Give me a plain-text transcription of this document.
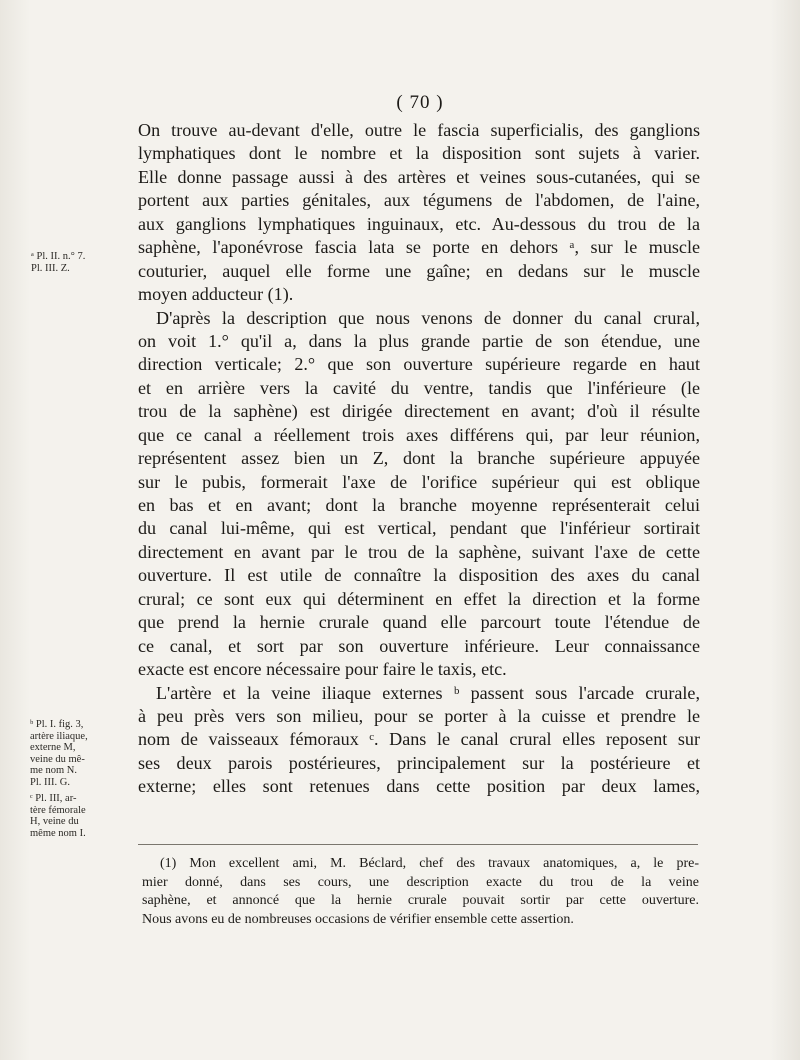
( 70 )
On trouve au-devant d'elle, outre le fascia superficialis, des ganglions
lymphatiques dont le nombre et la disposition sont sujets à varier.
Elle donne passage aussi à des artères et veines sous-cutanées, qui se
portent aux parties génitales, aux tégumens de l'abdomen, de l'aine,
aux ganglions lymphatiques inguinaux, etc. Au-dessous du trou de la
saphène, l'aponévrose fascia lata se porte en dehors ᵃ, sur le muscle
couturier, auquel elle forme une gaîne; en dedans sur le muscle
moyen adducteur (1).
D'après la description que nous venons de donner du canal crural,
on voit 1.° qu'il a, dans la plus grande partie de son étendue, une
direction verticale; 2.° que son ouverture supérieure regarde en haut
et en arrière vers la cavité du ventre, tandis que l'inférieure (le
trou de la saphène) est dirigée directement en avant; d'où il résulte
que ce canal a réellement trois axes différens qui, par leur réunion,
représentent assez bien un Z, dont la branche supérieure appuyée
sur le pubis, formerait l'axe de l'orifice supérieur qui est oblique
en bas et en avant; dont la branche moyenne représenterait celui
du canal lui-même, qui est vertical, pendant que l'inférieur sortirait
directement en avant par le trou de la saphène, suivant l'axe de cette
ouverture. Il est utile de connaître la disposition des axes du canal
crural; ce sont eux qui déterminent en effet la direction et la forme
que prend la hernie crurale quand elle parcourt toute l'étendue de
ce canal, et sort par son ouverture inférieure. Leur connaissance
exacte est encore nécessaire pour faire le taxis, etc.
L'artère et la veine iliaque externes ᵇ passent sous l'arcade crurale,
à peu près vers son milieu, pour se porter à la cuisse et prendre le
nom de vaisseaux fémoraux ᶜ. Dans le canal crural elles reposent sur
ses deux parois postérieures, principalement sur la postérieure et
externe; elles sont retenues dans cette position par deux lames,
ᵃ Pl. II. n.° 7.
Pl. III. Z.
ᵇ Pl. I. fig. 3,
artère iliaque,
externe M,
veine du mê-
me nom N.
Pl. III. G.
ᶜ Pl. III, ar-
tère fémorale
H, veine du
même nom I.
(1) Mon excellent ami, M. Béclard, chef des travaux anatomiques, a, le pre-
mier donné, dans ses cours, une description exacte du trou de la veine
saphène, et annoncé que la hernie crurale pouvait sortir par cette ouverture.
Nous avons eu de nombreuses occasions de vérifier ensemble cette assertion.
